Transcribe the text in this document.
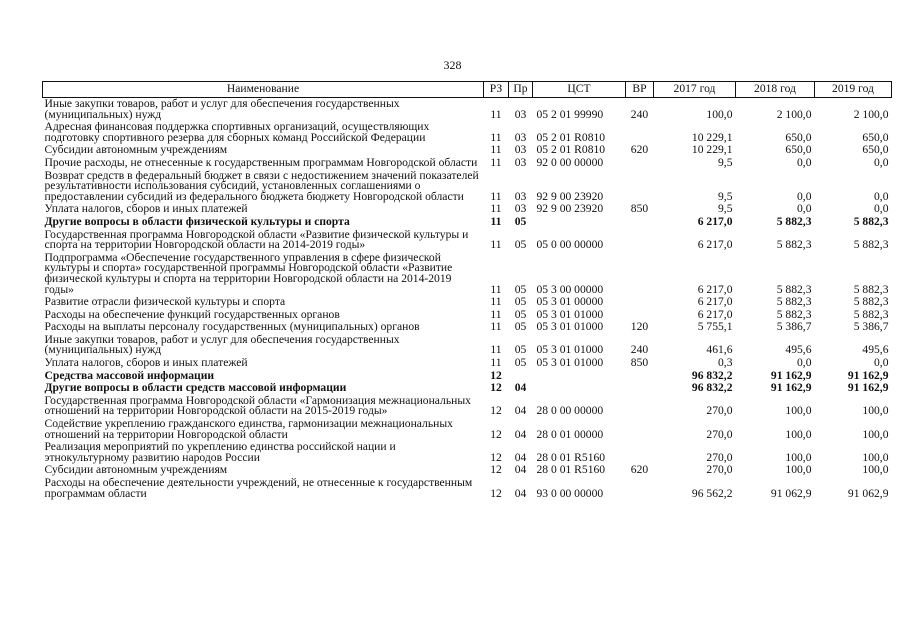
328
Наименование	РЗ	Пр	ЦСТ	ВР	2017 год	2018 год	2019 год
Иные закупки товаров, работ и услуг для обеспечения государственных (муниципальных) нужд	11	03	05 2 01 99990	240	100,0	2 100,0	2 100,0
Адресная финансовая поддержка спортивных организаций, осуществляющих подготовку спортивного резерва для сборных команд Российской Федерации	11	03	05 2 01 R0810		10 229,1	650,0	650,0
Субсидии автономным учреждениям	11	03	05 2 01 R0810	620	10 229,1	650,0	650,0
Прочие расходы, не отнесенные к государственным программам Новгородской области	11	03	92 0 00 00000		9,5	0,0	0,0
Возврат средств в федеральный бюджет в связи с недостижением значений показателей результативности использования субсидий, установленных соглашениями о предоставлении субсидий из федерального бюджета бюджету Новгородской области	11	03	92 9 00 23920		9,5	0,0	0,0
Уплата налогов, сборов и иных платежей	11	03	92 9 00 23920	850	9,5	0,0	0,0
Другие вопросы в области физической культуры и спорта	11	05			6 217,0	5 882,3	5 882,3
Государственная программа Новгородской области «Развитие физической культуры и спорта на территории Новгородской области на 2014-2019 годы»	11	05	05 0 00 00000		6 217,0	5 882,3	5 882,3
Подпрограмма «Обеспечение государственного управления в сфере физической культуры и спорта» государственной программы Новгородской области «Развитие физической культуры и спорта на территории Новгородской области на 2014-2019 годы»	11	05	05 3 00 00000		6 217,0	5 882,3	5 882,3
Развитие отрасли физической культуры и спорта	11	05	05 3 01 00000		6 217,0	5 882,3	5 882,3
Расходы на обеспечение функций государственных органов	11	05	05 3 01 01000		6 217,0	5 882,3	5 882,3
Расходы на выплаты персоналу государственных (муниципальных) органов	11	05	05 3 01 01000	120	5 755,1	5 386,7	5 386,7
Иные закупки товаров, работ и услуг для обеспечения государственных (муниципальных) нужд	11	05	05 3 01 01000	240	461,6	495,6	495,6
Уплата налогов, сборов и иных платежей	11	05	05 3 01 01000	850	0,3	0,0	0,0
Средства массовой информации	12				96 832,2	91 162,9	91 162,9
Другие вопросы в области средств массовой информации	12	04			96 832,2	91 162,9	91 162,9
Государственная программа Новгородской области «Гармонизация межнациональных отношений на территории Новгородской области на 2015-2019 годы»	12	04	28 0 00 00000		270,0	100,0	100,0
Содействие укреплению гражданского единства, гармонизации межнациональных отношений на территории Новгородской области	12	04	28 0 01 00000		270,0	100,0	100,0
Реализация мероприятий по укреплению единства российской нации и этнокультурному развитию народов России	12	04	28 0 01 R5160		270,0	100,0	100,0
Субсидии автономным учреждениям	12	04	28 0 01 R5160	620	270,0	100,0	100,0
Расходы на обеспечение деятельности учреждений, не отнесенные к государственным программам области	12	04	93 0 00 00000		96 562,2	91 062,9	91 062,9
